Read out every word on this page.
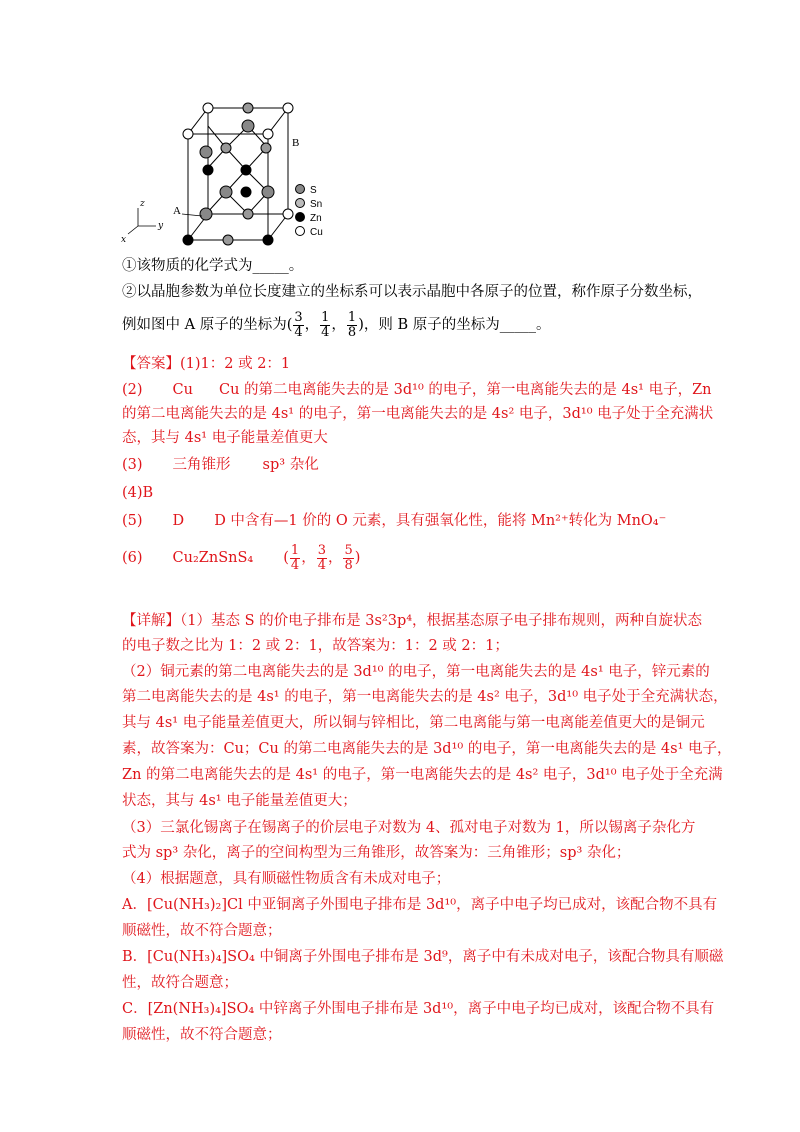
B
A
z
y
x
S
Sn
Zn
Cu
①该物质的化学式为_____。
②以晶胞参数为单位长度建立的坐标系可以表示晶胞中各原子的位置，称作原子分数坐标，
例如图中 A 原子的坐标为( $\frac{3}{4}$ ， $\frac{1}{4}$ ， $\frac{1}{8}$ )，则 B 原子的坐标为_____。
【答案】(1)1：2 或 2：1
(2) Cu Cu 的第二电离能失去的是 3d¹⁰ 的电子，第一电离能失去的是 4s¹ 电子，Zn
的第二电离能失去的是 4s¹ 的电子，第一电离能失去的是 4s² 电子，3d¹⁰ 电子处于全充满状
态，其与 4s¹ 电子能量差值更大
(3) 三角锥形 sp³ 杂化
(4)B
(5) D D 中含有—1 价的 O 元素，具有强氧化性，能将 Mn²⁺转化为 MnO₄⁻
(6) Cu₂ZnSnS₄ ( $\frac{1}{4}$ ， $\frac{3}{4}$ ， $\frac{5}{8}$ )
【详解】（1）基态 S 的价电子排布是 3s²3p⁴，根据基态原子电子排布规则，两种自旋状态
的电子数之比为 1：2 或 2：1，故答案为：1：2 或 2：1；
（2）铜元素的第二电离能失去的是 3d¹⁰ 的电子，第一电离能失去的是 4s¹ 电子，锌元素的
第二电离能失去的是 4s¹ 的电子，第一电离能失去的是 4s² 电子，3d¹⁰ 电子处于全充满状态，
其与 4s¹ 电子能量差值更大，所以铜与锌相比，第二电离能与第一电离能差值更大的是铜元
素，故答案为：Cu；Cu 的第二电离能失去的是 3d¹⁰ 的电子，第一电离能失去的是 4s¹ 电子，
Zn 的第二电离能失去的是 4s¹ 的电子，第一电离能失去的是 4s² 电子，3d¹⁰ 电子处于全充满
状态，其与 4s¹ 电子能量差值更大；
（3）三氯化锡离子在锡离子的价层电子对数为 4、孤对电子对数为 1，所以锡离子杂化方
式为 sp³ 杂化，离子的空间构型为三角锥形，故答案为：三角锥形；sp³ 杂化；
（4）根据题意，具有顺磁性物质含有未成对电子；
A．[Cu(NH₃)₂]Cl 中亚铜离子外围电子排布是 3d¹⁰，离子中电子均已成对，该配合物不具有
顺磁性，故不符合题意；
B．[Cu(NH₃)₄]SO₄ 中铜离子外围电子排布是 3d⁹，离子中有未成对电子，该配合物具有顺磁
性，故符合题意；
C．[Zn(NH₃)₄]SO₄ 中锌离子外围电子排布是 3d¹⁰，离子中电子均已成对，该配合物不具有
顺磁性，故不符合题意；
